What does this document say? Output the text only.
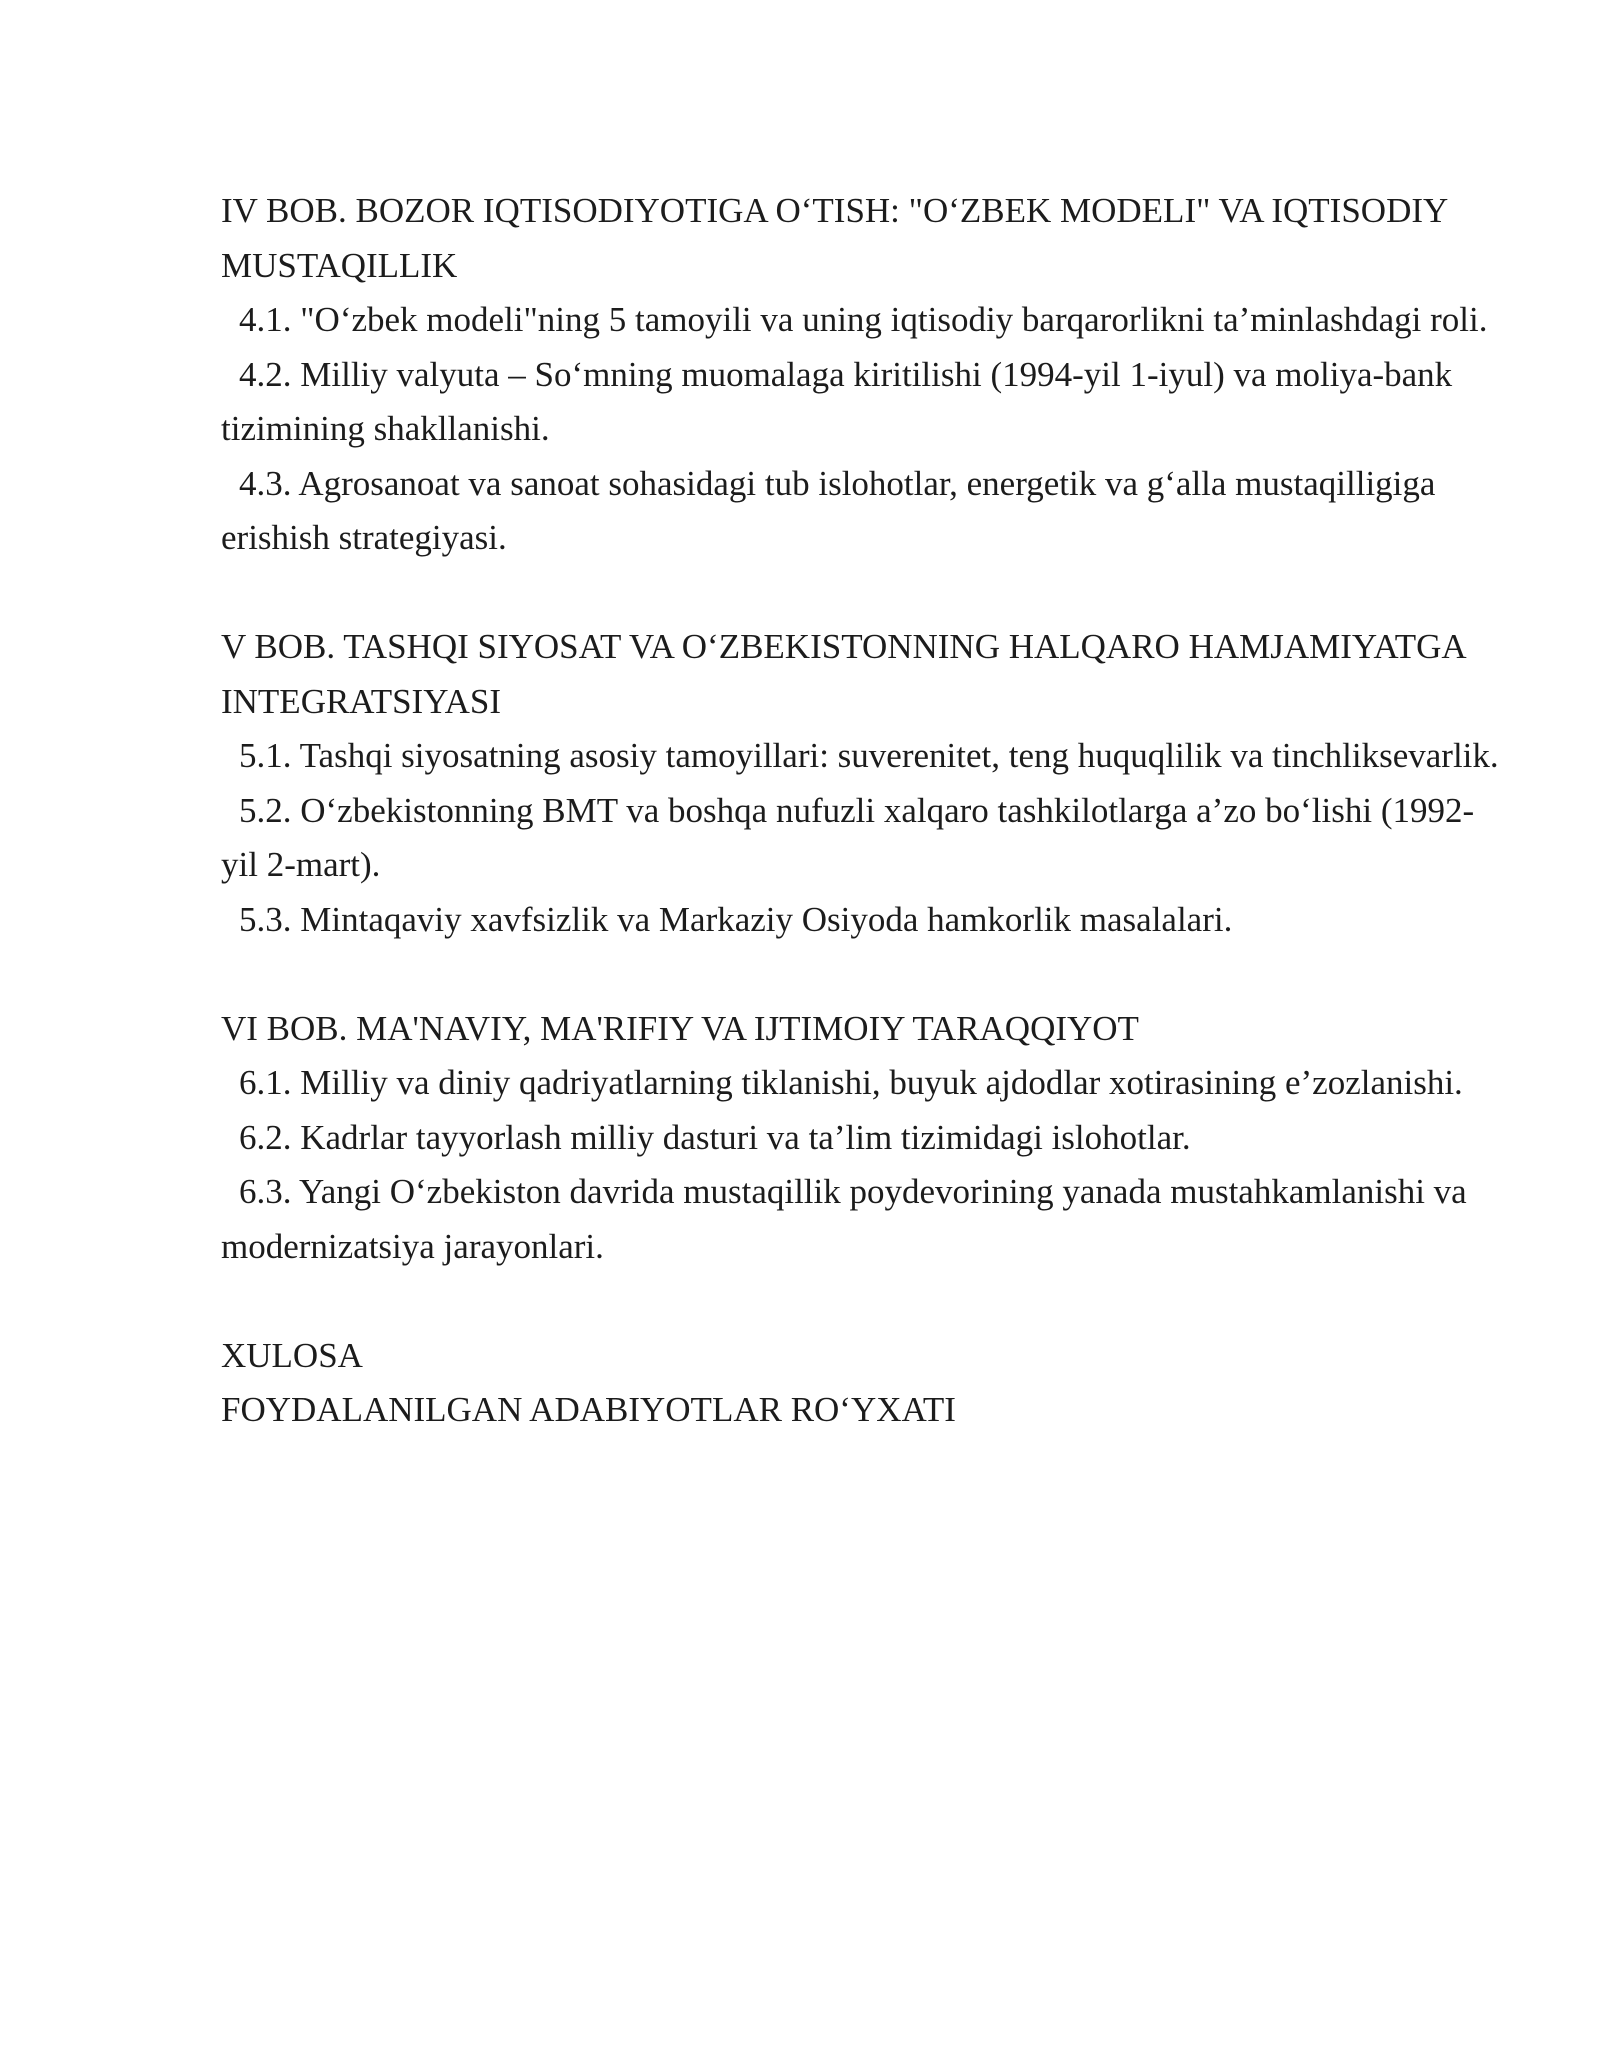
IV BOB. BOZOR IQTISODIYOTIGA O‘TISH: "O‘ZBEK MODELI" VA IQTISODIY MUSTAQILLIK

4.1. "O‘zbek modeli"ning 5 tamoyili va uning iqtisodiy barqarorlikni ta’minlashdagi roli.

4.2. Milliy valyuta – So‘mning muomalaga kiritilishi (1994-yil 1-iyul) va moliya-bank tizimining shakllanishi.

4.3. Agrosanoat va sanoat sohasidagi tub islohotlar, energetik va g‘alla mustaqilligiga erishish strategiyasi.

V BOB. TASHQI SIYOSAT VA O‘ZBEKISTONNING HALQARO HAMJAMIYATGA INTEGRATSIYASI

5.1. Tashqi siyosatning asosiy tamoyillari: suverenitet, teng huquqlilik va tinchliksevarlik.

5.2. O‘zbekistonning BMT va boshqa nufuzli xalqaro tashkilotlarga a’zo bo‘lishi (1992-yil 2-mart).

5.3. Mintaqaviy xavfsizlik va Markaziy Osiyoda hamkorlik masalalari.

VI BOB. MA'NAVIY, MA'RIFIY VA IJTIMOIY TARAQQIYOT

6.1. Milliy va diniy qadriyatlarning tiklanishi, buyuk ajdodlar xotirasining e’zozlanishi.

6.2. Kadrlar tayyorlash milliy dasturi va ta’lim tizimidagi islohotlar.

6.3. Yangi O‘zbekiston davrida mustaqillik poydevorining yanada mustahkamlanishi va modernizatsiya jarayonlari.

XULOSA

FOYDALANILGAN ADABIYOTLAR RO‘YXATI
